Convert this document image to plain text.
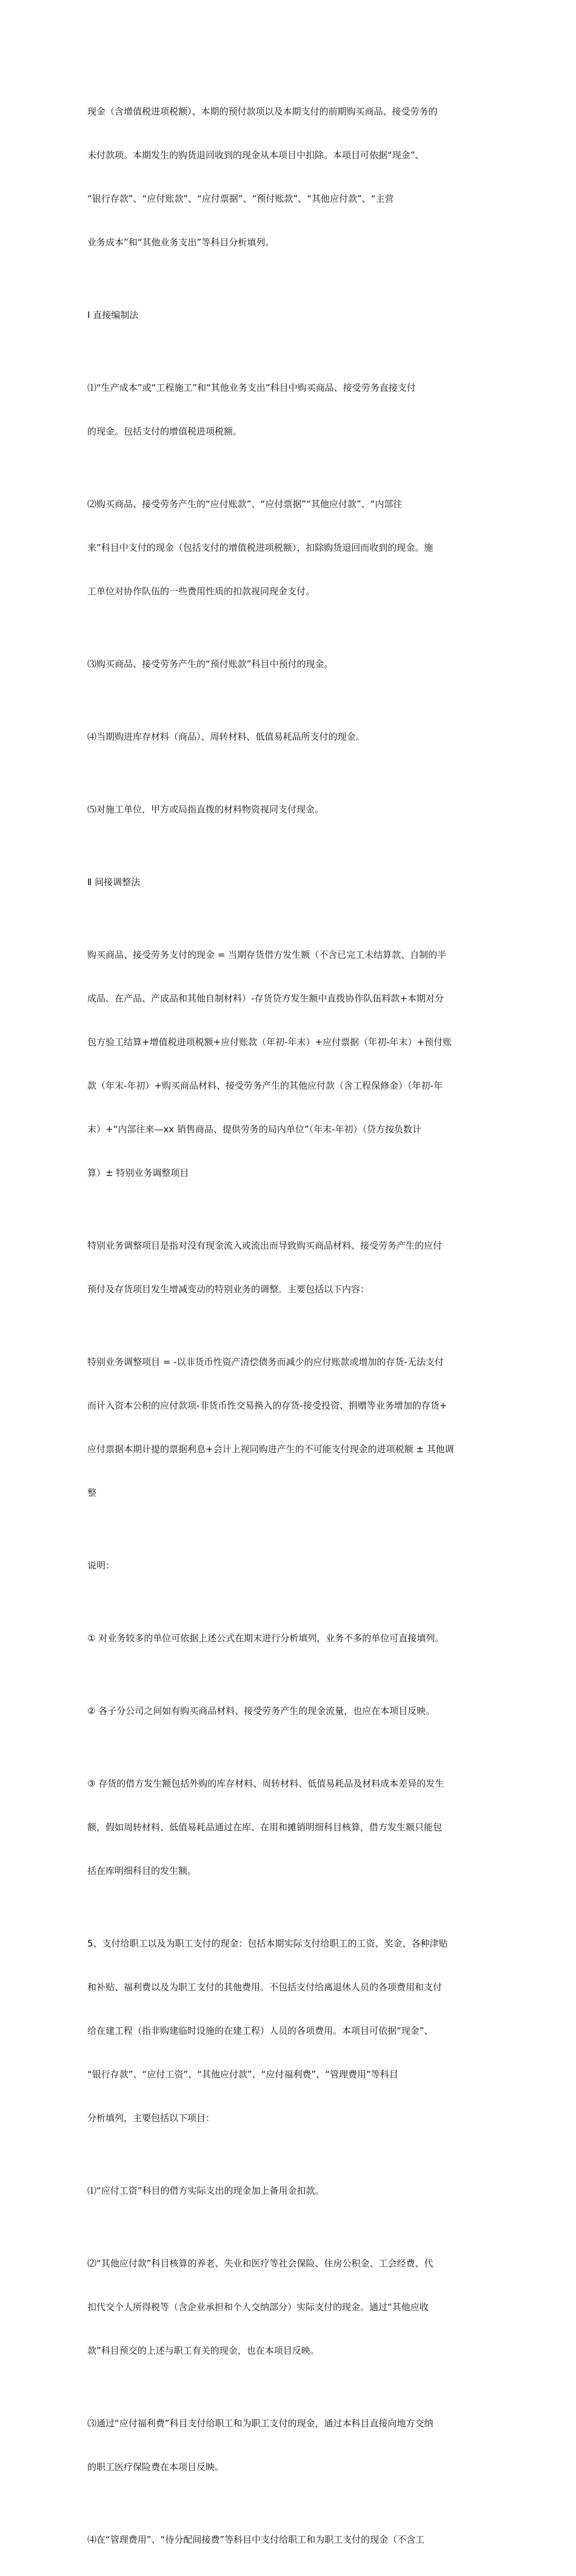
现金（含增值税进项税额）、本期的预付款项以及本期支付的前期购买商品、接受劳务的

未付款项。本期发生的购货退回收到的现金从本项目中扣除。本项目可依据“现金”、

“银行存款”、“应付账款”、“应付票据”、“预付账款”、“其他应付款”、“主营

业务成本”和“其他业务支出”等科目分析填列。

Ⅰ 直接编制法

⑴“生产成本”或“工程施工”和“其他业务支出”科目中购买商品、接受劳务直接支付

的现金。包括支付的增值税进项税额。

⑵购买商品、接受劳务产生的“应付账款”、“应付票据”“其他应付款”、“内部往

来”科目中支付的现金（包括支付的增值税进项税额），扣除购货退回而收到的现金。施

工单位对协作队伍的一些费用性质的扣款视同现金支付。

⑶购买商品、接受劳务产生的“预付账款”科目中预付的现金。

⑷当期购进库存材料（商品）、周转材料、低值易耗品所支付的现金。

⑸对施工单位，甲方或局指直拨的材料物资视同支付现金。

Ⅱ 间接调整法

购买商品、接受劳务支付的现金 = 当期存货借方发生额（不含已完工未结算款、自制的半

成品、在产品、产成品和其他自制材料）-存货贷方发生额中直拨协作队伍料款+本期对分

包方验工结算+增值税进项税额+应付账款（年初-年末）+应付票据（年初-年末）+预付账

款（年末-年初）+购买商品材料、接受劳务产生的其他应付款（含工程保修金）（年初-年

末）+“内部往来—xx 销售商品、提供劳务的局内单位”（年末-年初）（贷方按负数计

算）± 特别业务调整项目

特别业务调整项目是指对没有现金流入或流出而导致购买商品材料、接受劳务产生的应付

预付及存货项目发生增减变动的特别业务的调整。主要包括以下内容：

特别业务调整项目 = -以非货币性资产清偿债务而减少的应付账款或增加的存货-无法支付

而计入资本公积的应付款项-非货币性交易换入的存货-接受投资、捐赠等业务增加的存货+

应付票据本期计提的票据利息+会计上视同购进产生的不可能支付现金的进项税额 ± 其他调

整

说明：

① 对业务较多的单位可依据上述公式在期末进行分析填列，业务不多的单位可直接填列。

② 各子分公司之间如有购买商品材料、接受劳务产生的现金流量，也应在本项目反映。

③ 存货的借方发生额包括外购的库存材料、周转材料、低值易耗品及材料成本差异的发生

额，假如周转材料、低值易耗品通过在库、在用和摊销明细科目核算，借方发生额只能包

括在库明细科目的发生额。

5、支付给职工以及为职工支付的现金：包括本期实际支付给职工的工资、奖金、各种津贴

和补贴、福利费以及为职工支付的其他费用。不包括支付给离退休人员的各项费用和支付

给在建工程（指非购建临时设施的在建工程）人员的各项费用。本项目可依据“现金”、

“银行存款”、“应付工资”、“其他应付款”、“应付福利费”、“管理费用”等科目

分析填列，主要包括以下项目：

⑴“应付工资”科目的借方实际支出的现金加上备用金扣款。

⑵“其他应付款”科目核算的养老、失业和医疗等社会保险、住房公积金、工会经费、代

扣代交个人所得税等（含企业承担和个人交纳部分）实际支付的现金。通过“其他应收

款”科目预交的上述与职工有关的现金，也在本项目反映。

⑶通过“应付福利费”科目支付给职工和为职工支付的现金，通过本科目直接向地方交纳

的职工医疗保险费在本项目反映。

⑷在“管理费用”、“待分配间接费”等科目中支付给职工和为职工支付的现金（不含工
